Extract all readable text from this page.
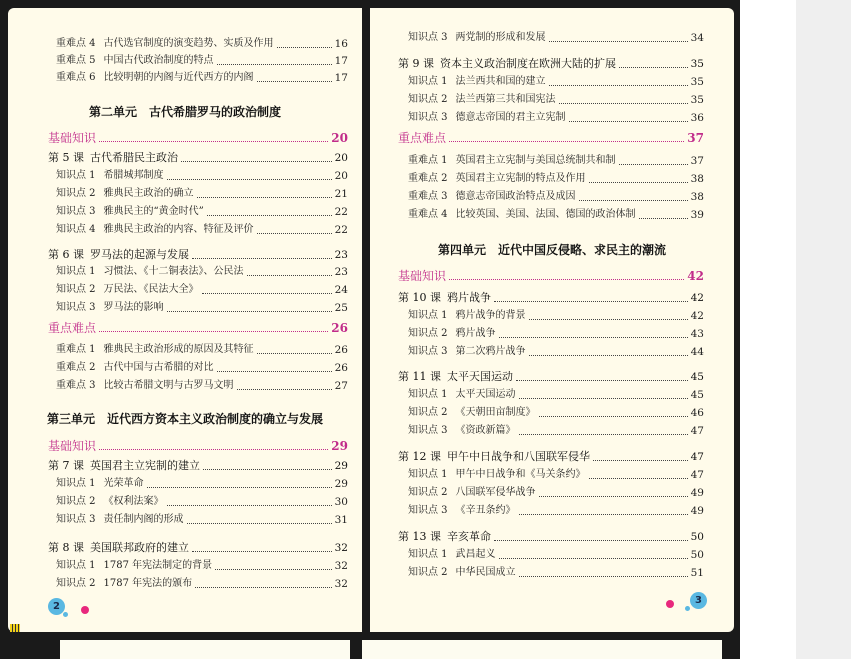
重难点 4 古代选官制度的演变趋势、实质及作用	16
重难点 5 中国古代政治制度的特点	17
重难点 6 比较明朝的内阁与近代西方的内阁	17
第二单元　古代希腊罗马的政治制度
基础知识	20
第 5 课 古代希腊民主政治	20
知识点 1 希腊城邦制度	20
知识点 2 雅典民主政治的确立	21
知识点 3 雅典民主的“黄金时代”	22
知识点 4 雅典民主政治的内容、特征及评价	22
第 6 课 罗马法的起源与发展	23
知识点 1 习惯法、《十二铜表法》、公民法	23
知识点 2 万民法、《民法大全》	24
知识点 3 罗马法的影响	25
重点难点	26
重难点 1 雅典民主政治形成的原因及其特征	26
重难点 2 古代中国与古希腊的对比	26
重难点 3 比较古希腊文明与古罗马文明	27
第三单元　近代西方资本主义政治制度的确立与发展
基础知识	29
第 7 课 英国君主立宪制的建立	29
知识点 1 光荣革命	29
知识点 2 《权利法案》	30
知识点 3 责任制内阁的形成	31
第 8 课 美国联邦政府的建立	32
知识点 1 1787 年宪法制定的背景	32
知识点 2 1787 年宪法的颁布	32
2
知识点 3 两党制的形成和发展	34
第 9 课 资本主义政治制度在欧洲大陆的扩展	35
知识点 1 法兰西共和国的建立	35
知识点 2 法兰西第三共和国宪法	35
知识点 3 德意志帝国的君主立宪制	36
重点难点	37
重难点 1 英国君主立宪制与美国总统制共和制	37
重难点 2 英国君主立宪制的特点及作用	38
重难点 3 德意志帝国政治特点及成因	38
重难点 4 比较英国、美国、法国、德国的政治体制	39
第四单元　近代中国反侵略、求民主的潮流
基础知识	42
第 10 课 鸦片战争	42
知识点 1 鸦片战争的背景	42
知识点 2 鸦片战争	43
知识点 3 第二次鸦片战争	44
第 11 课 太平天国运动	45
知识点 1 太平天国运动	45
知识点 2 《天朝田亩制度》	46
知识点 3 《资政新篇》	47
第 12 课 甲午中日战争和八国联军侵华	47
知识点 1 甲午中日战争和《马关条约》	47
知识点 2 八国联军侵华战争	49
知识点 3 《辛丑条约》	49
第 13 课 辛亥革命	50
知识点 1 武昌起义	50
知识点 2 中华民国成立	51
3
